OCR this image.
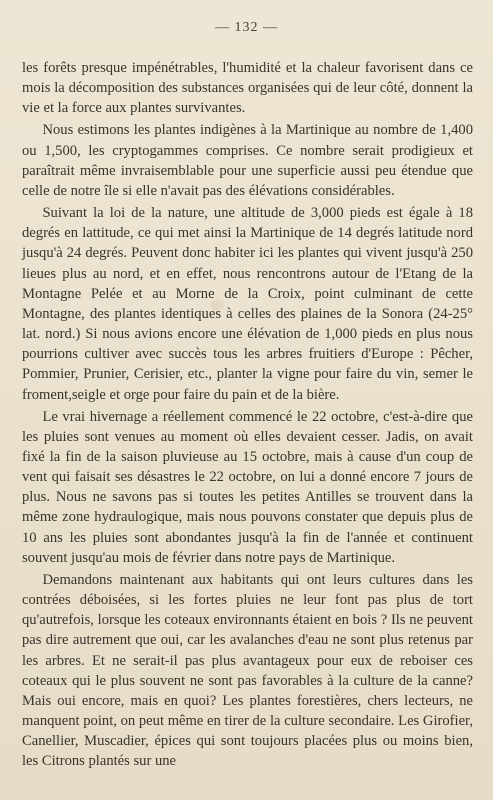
— 132 —

les forêts presque impénétrables, l'humidité et la chaleur favorisent dans ce mois la décomposition des substances organisées qui de leur côté, donnent la vie et la force aux plantes survivantes.

Nous estimons les plantes indigènes à la Martinique au nombre de 1,400 ou 1,500, les cryptogammes comprises. Ce nombre serait prodigieux et paraîtrait même invraisemblable pour une superficie aussi peu étendue que celle de notre île si elle n'avait pas des élévations considérables.

Suivant la loi de la nature, une altitude de 3,000 pieds est égale à 18 degrés en lattitude, ce qui met ainsi la Martinique de 14 degrés latitude nord jusqu'à 24 degrés. Peuvent donc habiter ici les plantes qui vivent jusqu'à 250 lieues plus au nord, et en effet, nous rencontrons autour de l'Etang de la Montagne Pelée et au Morne de la Croix, point culminant de cette Montagne, des plantes identiques à celles des plaines de la Sonora (24-25° lat. nord.) Si nous avions encore une élévation de 1,000 pieds en plus nous pourrions cultiver avec succès tous les arbres fruitiers d'Europe : Pêcher, Pommier, Prunier, Cerisier, etc., planter la vigne pour faire du vin, semer le froment,seigle et orge pour faire du pain et de la bière.

Le vrai hivernage a réellement commencé le 22 octobre, c'est-à-dire que les pluies sont venues au moment où elles devaient cesser. Jadis, on avait fixé la fin de la saison pluvieuse au 15 octobre, mais à cause d'un coup de vent qui faisait ses désastres le 22 octobre, on lui a donné encore 7 jours de plus. Nous ne savons pas si toutes les petites Antilles se trouvent dans la même zone hydraulogique, mais nous pouvons constater que depuis plus de 10 ans les pluies sont abondantes jusqu'à la fin de l'année et continuent souvent jusqu'au mois de février dans notre pays de Martinique.

Demandons maintenant aux habitants qui ont leurs cultures dans les contrées déboisées, si les fortes pluies ne leur font pas plus de tort qu'autrefois, lorsque les coteaux environnants étaient en bois ? Ils ne peuvent pas dire autrement que oui, car les avalanches d'eau ne sont plus retenus par les arbres. Et ne serait-il pas plus avantageux pour eux de reboiser ces coteaux qui le plus souvent ne sont pas favorables à la culture de la canne? Mais oui encore, mais en quoi? Les plantes forestières, chers lecteurs, ne manquent point, on peut même en tirer de la culture secondaire. Les Girofier, Canellier, Muscadier, épices qui sont toujours placées plus ou moins bien, les Citrons plantés sur une
